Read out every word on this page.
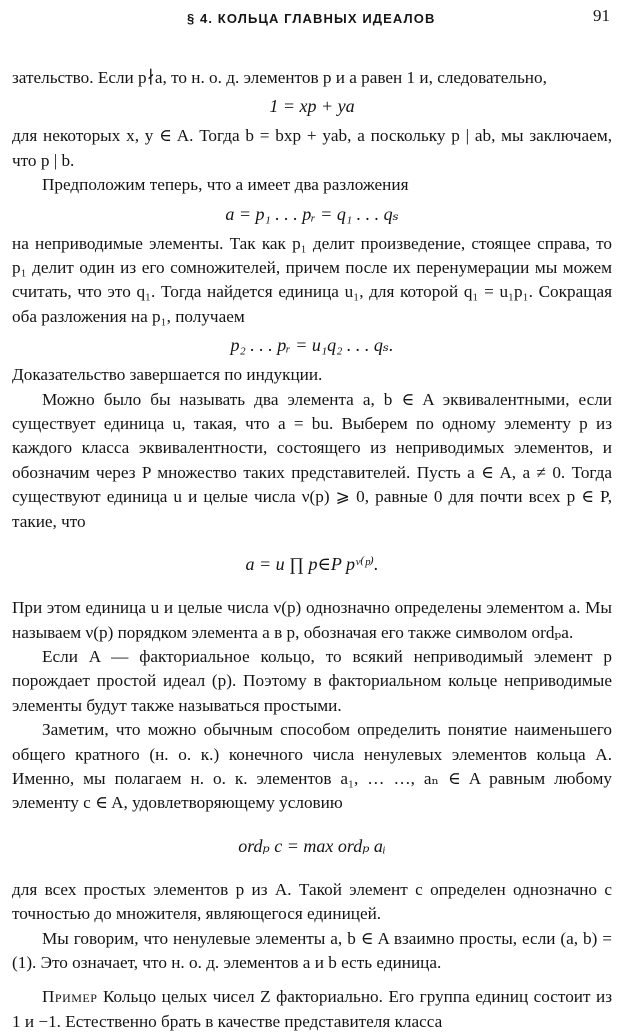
§ 4. КОЛЬЦА ГЛАВНЫХ ИДЕАЛОВ	91

зательство. Если p∤a, то н. о. д. элементов p и a равен 1 и, следовательно,

1 = xp + ya

для некоторых x, y ∈ A. Тогда b = bxp + yab, а поскольку p | ab, мы заключаем, что p | b.

Предположим теперь, что a имеет два разложения

a = p₁ . . . pᵣ = q₁ . . . qₛ

на неприводимые элементы. Так как p₁ делит произведение, стоящее справа, то p₁ делит один из его сомножителей, причем после их перенумерации мы можем считать, что это q₁. Тогда найдется единица u₁, для которой q₁ = u₁p₁. Сокращая оба разложения на p₁, получаем

p₂ . . . pᵣ = u₁q₂ . . . qₛ.

Доказательство завершается по индукции.

Можно было бы называть два элемента a, b ∈ A эквивалентными, если существует единица u, такая, что a = bu. Выберем по одному элементу p из каждого класса эквивалентности, состоящего из неприводимых элементов, и обозначим через P множество таких представителей. Пусть a ∈ A, a ≠ 0. Тогда существуют единица u и целые числа ν(p) ⩾ 0, равные 0 для почти всех p ∈ P, такие, что

a = u ∏ p∈P pᵛ⁽ᵖ⁾.

При этом единица u и целые числа ν(p) однозначно определены элементом a. Мы называем ν(p) порядком элемента a в p, обозначая его также символом ordₚa.

Если A — факториальное кольцо, то всякий неприводимый элемент p порождает простой идеал (p). Поэтому в факториальном кольце неприводимые элементы будут также называться простыми.

Заметим, что можно обычным способом определить понятие наименьшего общего кратного (н. о. к.) конечного числа ненулевых элементов кольца A. Именно, мы полагаем н. о. к. элементов a₁, … …, aₙ ∈ A равным любому элементу c ∈ A, удовлетворяющему условию

ordₚ c = max ordₚ aᵢ

для всех простых элементов p из A. Такой элемент c определен однозначно с точностью до множителя, являющегося единицей.

Мы говорим, что ненулевые элементы a, b ∈ A взаимно просты, если (a, b) = (1). Это означает, что н. о. д. элементов a и b есть единица.

Пример Кольцо целых чисел Z факториально. Его группа единиц состоит из 1 и −1. Естественно брать в качестве представителя класса
